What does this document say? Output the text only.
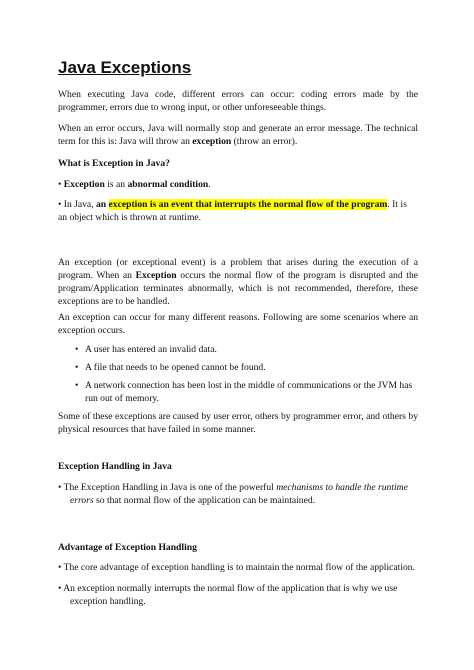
Java Exceptions

When executing Java code, different errors can occur: coding errors made by the programmer, errors due to wrong input, or other unforeseeable things.

When an error occurs, Java will normally stop and generate an error message. The technical term for this is: Java will throw an exception (throw an error).

What is Exception in Java?

• Exception is an abnormal condition.

• In Java, an exception is an event that interrupts the normal flow of the program. It is an object which is thrown at runtime.

An exception (or exceptional event) is a problem that arises during the execution of a program. When an Exception occurs the normal flow of the program is disrupted and the program/Application terminates abnormally, which is not recommended, therefore, these exceptions are to be handled.

An exception can occur for many different reasons. Following are some scenarios where an exception occurs.

• A user has entered an invalid data.
• A file that needs to be opened cannot be found.
• A network connection has been lost in the middle of communications or the JVM has run out of memory.

Some of these exceptions are caused by user error, others by programmer error, and others by physical resources that have failed in some manner.

Exception Handling in Java

• The Exception Handling in Java is one of the powerful mechanisms to handle the runtime errors so that normal flow of the application can be maintained.

Advantage of Exception Handling

• The core advantage of exception handling is to maintain the normal flow of the application.

• An exception normally interrupts the normal flow of the application that is why we use exception handling.
